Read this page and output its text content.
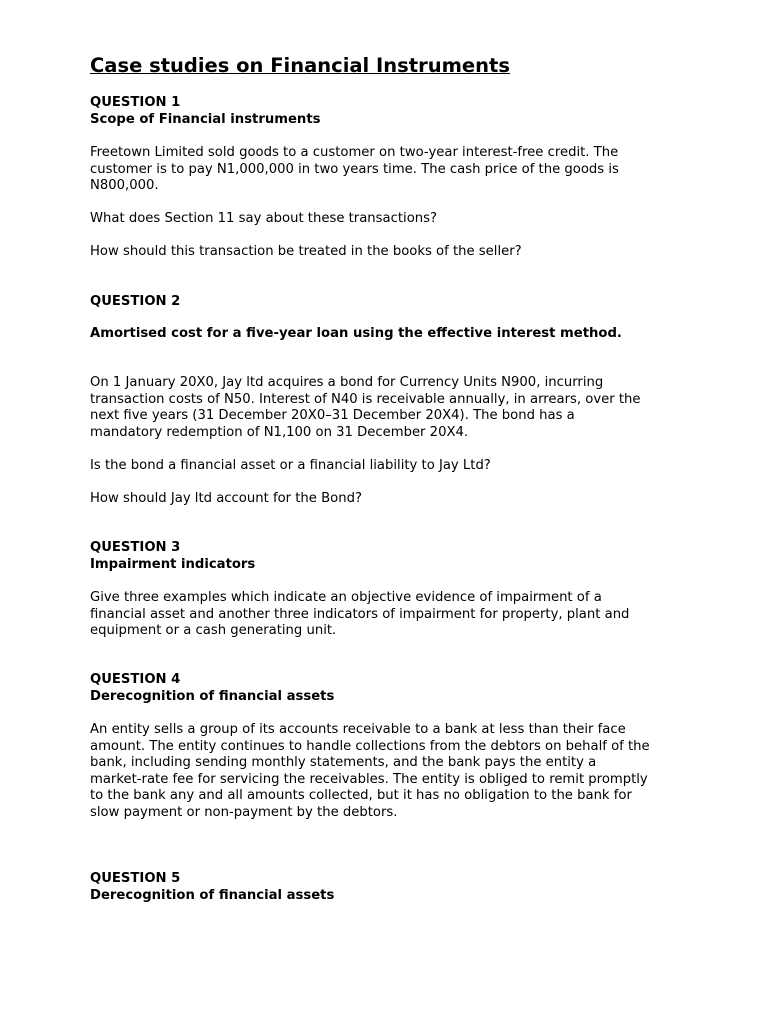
Case studies on Financial Instruments
QUESTION 1
Scope of Financial instruments
Freetown Limited sold goods to a customer on two-year interest-free credit. The
customer is to pay N1,000,000 in two years time. The cash price of the goods is
N800,000.
What does Section 11 say about these transactions?
How should this transaction be treated in the books of the seller?
QUESTION 2
Amortised cost for a five-year loan using the effective interest method.
On 1 January 20X0, Jay ltd acquires a bond for Currency Units N900, incurring
transaction costs of N50. Interest of N40 is receivable annually, in arrears, over the
next five years (31 December 20X0–31 December 20X4). The bond has a
mandatory redemption of N1,100 on 31 December 20X4.
Is the bond a financial asset or a financial liability to Jay Ltd?
How should Jay ltd account for the Bond?
QUESTION 3
Impairment indicators
Give three examples which indicate an objective evidence of impairment of a
financial asset and another three indicators of impairment for property, plant and
equipment or a cash generating unit.
QUESTION 4
Derecognition of financial assets
An entity sells a group of its accounts receivable to a bank at less than their face
amount. The entity continues to handle collections from the debtors on behalf of the
bank, including sending monthly statements, and the bank pays the entity a
market-rate fee for servicing the receivables. The entity is obliged to remit promptly
to the bank any and all amounts collected, but it has no obligation to the bank for
slow payment or non-payment by the debtors.
QUESTION 5
Derecognition of financial assets
